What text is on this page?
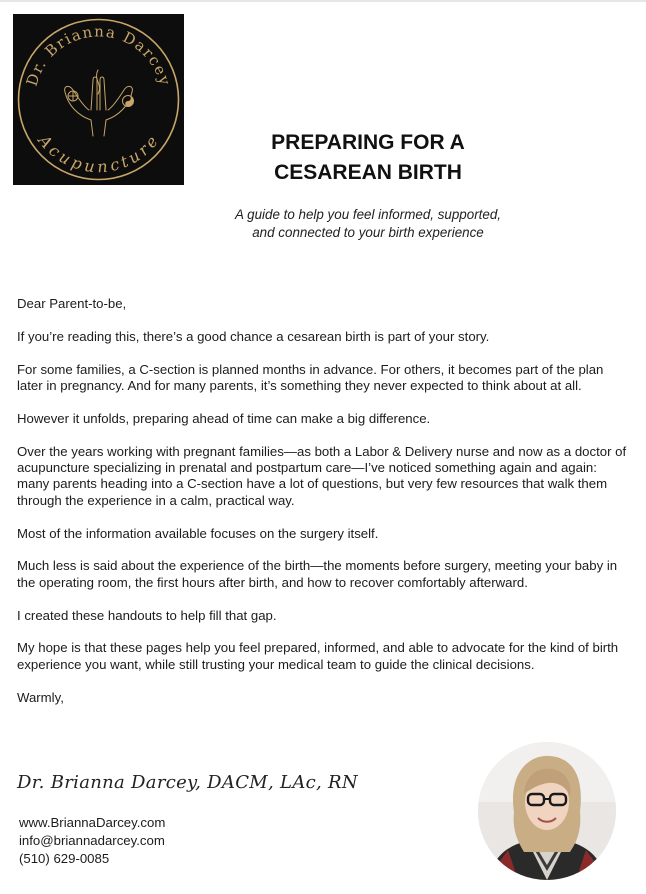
Dr. Brianna Darcey
Acupuncture	PREPARING FOR A
CESAREAN BIRTH
A guide to help you feel informed, supported,
and connected to your birth experience

Dear Parent-to-be,

If you’re reading this, there’s a good chance a cesarean birth is part of your story.

For some families, a C-section is planned months in advance. For others, it becomes part of the plan later in pregnancy. And for many parents, it’s something they never expected to think about at all.

However it unfolds, preparing ahead of time can make a big difference.

Over the years working with pregnant families—as both a Labor & Delivery nurse and now as a doctor of acupuncture specializing in prenatal and postpartum care—I’ve noticed something again and again: many parents heading into a C-section have a lot of questions, but very few resources that walk them through the experience in a calm, practical way.

Most of the information available focuses on the surgery itself.

Much less is said about the experience of the birth—the moments before surgery, meeting your baby in the operating room, the first hours after birth, and how to recover comfortably afterward.

I created these handouts to help fill that gap.

My hope is that these pages help you feel prepared, informed, and able to advocate for the kind of birth experience you want, while still trusting your medical team to guide the clinical decisions.

Warmly,

Dr. Brianna Darcey, DACM, LAc, RN
www.BriannaDarcey.com
info@briannadarcey.com
(510) 629-0085
